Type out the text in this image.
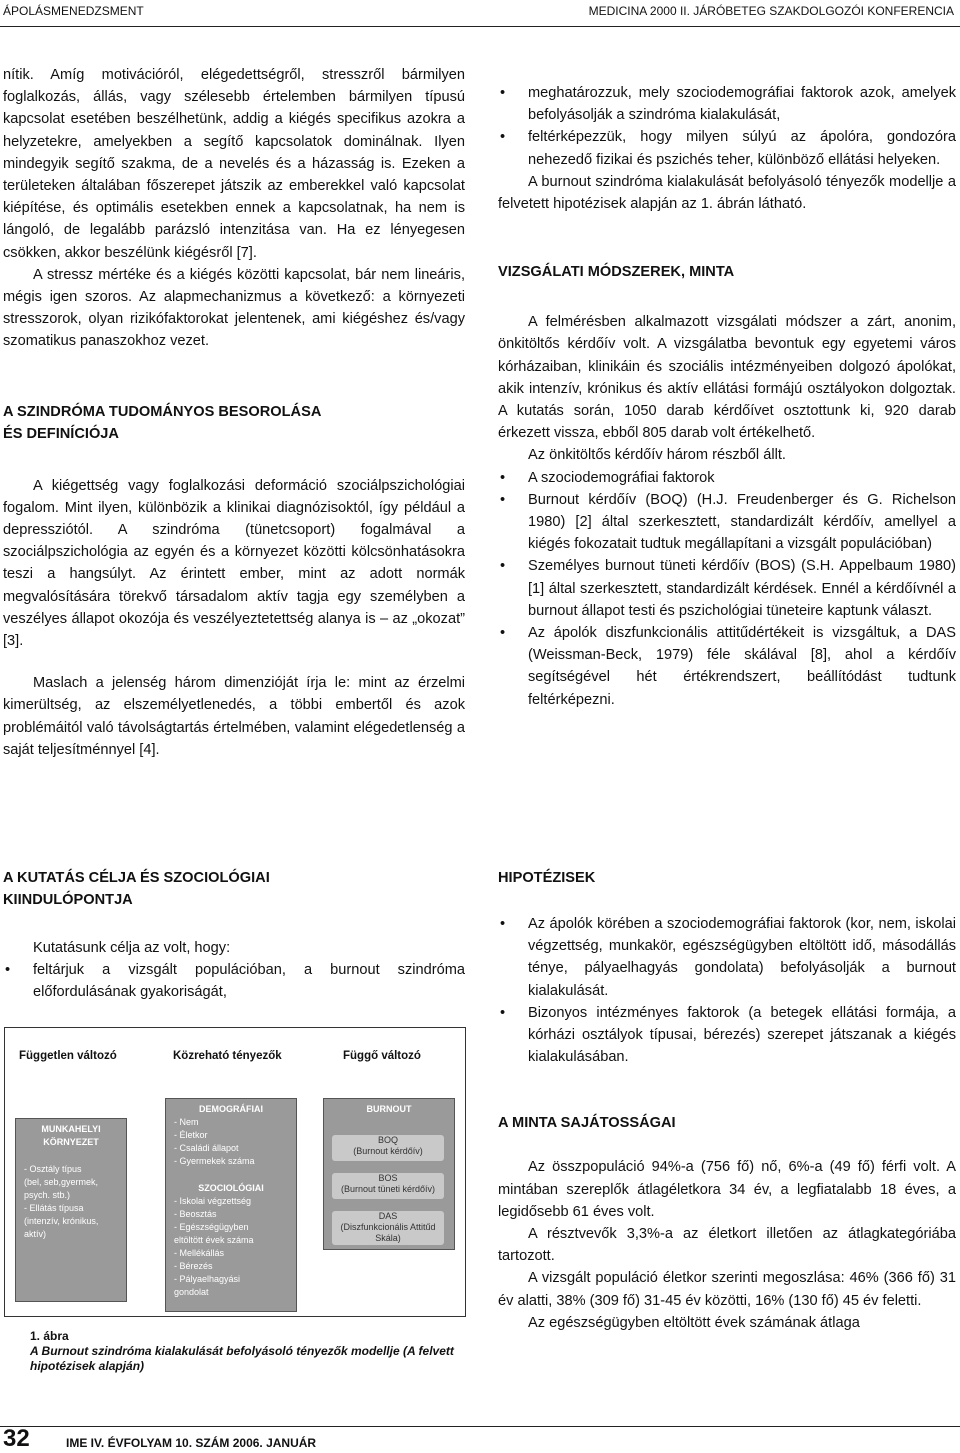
ÁPOLÁSMENEDZSMENT	MEDICINA 2000 II. JÁRÓBETEG SZAKDOLGOZÓI KONFERENCIA

nítik. Amíg motivációról, elégedettségről, stresszről bármilyen foglalkozás, állás, vagy szélesebb értelemben bármilyen típusú kapcsolat esetében beszélhetünk, addig a kiégés specifikus azokra a helyzetekre, amelyekben a segítő kapcsolatok dominálnak. Ilyen mindegyik segítő szakma, de a nevelés és a házasság is. Ezeken a területeken általában főszerepet játszik az emberekkel való kapcsolat kiépítése, és optimális esetekben ennek a kapcsolatnak, ha nem is lángoló, de legalább parázsló intenzitása van. Ha ez lényegesen csökken, akkor beszélünk kiégésről [7].

A stressz mértéke és a kiégés közötti kapcsolat, bár nem lineáris, mégis igen szoros. Az alapmechanizmus a következő: a környezeti stresszorok, olyan rizikófaktorokat jelentenek, ami kiégéshez és/vagy szomatikus panaszokhoz vezet.

A SZINDRÓMA TUDOMÁNYOS BESOROLÁSA
ÉS DEFINÍCIÓJA

A kiégettség vagy foglalkozási deformáció szociálpszichológiai fogalom. Mint ilyen, különbözik a klinikai diagnózisoktól, így például a depressziótól. A szindróma (tünetcsoport) fogalmával a szociálpszichológia az egyén és a környezet közötti kölcsönhatásokra teszi a hangsúlyt. Az érintett ember, mint az adott normák megvalósítására törekvő társadalom aktív tagja egy személyben a veszélyes állapot okozója és veszélyeztetettség alanya is – az „okozat” [3].

Maslach a jelenség három dimenzióját írja le: mint az érzelmi kimerültség, az elszemélyetlenedés, a többi embertől és azok problémáitól való távolságtartás értelmében, valamint elégedetlenség a saját teljesítménnyel [4].

• meghatározzuk, mely szociodemográfiai faktorok azok, amelyek befolyásolják a szindróma kialakulását,
• feltérképezzük, hogy milyen súlyú az ápolóra, gondozóra nehezedő fizikai és pszichés teher, különböző ellátási helyeken.

A burnout szindróma kialakulását befolyásoló tényezők modellje a felvetett hipotézisek alapján az 1. ábrán látható.

VIZSGÁLATI MÓDSZEREK, MINTA

A felmérésben alkalmazott vizsgálati módszer a zárt, anonim, önkitöltős kérdőív volt. A vizsgálatba bevontuk egy egyetemi város kórházaiban, klinikáin és szociális intézményeiben dolgozó ápolókat, akik intenzív, krónikus és aktív ellátási formájú osztályokon dolgoztak. A kutatás során, 1050 darab kérdőívet osztottunk ki, 920 darab érkezett vissza, ebből 805 darab volt értékelhető.

Az önkitöltős kérdőív három részből állt.

• A szociodemográfiai faktorok
• Burnout kérdőív (BOQ) (H.J. Freudenberger és G. Richelson 1980) [2] által szerkesztett, standardizált kérdőív, amellyel a kiégés fokozatait tudtuk megállapítani a vizsgált populációban)
• Személyes burnout tüneti kérdőív (BOS) (S.H. Appelbaum 1980) [1] által szerkesztett, standardizált kérdések. Ennél a kérdőívnél a burnout állapot testi és pszichológiai tüneteire kaptunk választ.
• Az ápolók diszfunkcionális attitűdértékeit is vizsgáltuk, a DAS (Weissman-Beck, 1979) féle skálával [8], ahol a kérdőív segítségével hét értékrendszert, beállítódást tudtunk feltérképezni.
A KUTATÁS CÉLJA ÉS SZOCIOLÓGIAI
KIINDULÓPONTJA

Kutatásunk célja az volt, hogy:

• feltárjuk a vizsgált populációban, a burnout szindróma előfordulásának gyakoriságát,
Független változó	Közreható tényezők	Függő változó
MUNKAHELYI KÖRNYEZET
- Osztály típus
(bel, seb,gyermek,
psych. stb.)
- Ellátás típusa
(intenzív, krónikus,
aktív)
DEMOGRÁFIAI
- Nem
- Életkor
- Családi állapot
- Gyermekek száma
SZOCIOLÓGIAI
- Iskolai végzettség
- Beosztás
- Egészségügyben
eltöltött évek száma
- Mellékállás
- Bérezés
- Pályaelhagyási
gondolat
BURNOUT
BOQ
(Burnout kérdőív)
BOS
(Burnout tüneti kérdőív)
DAS
(Diszfunkcionális Attitűd Skála)
1. ábra
A Burnout szindróma kialakulását befolyásoló tényezők modellje (A felvett hipotézisek alapján)
HIPOTÉZISEK
• Az ápolók körében a szociodemográfiai faktorok (kor, nem, iskolai végzettség, munkakör, egészségügyben eltöltött idő, másodállás ténye, pályaelhagyás gondolata) befolyásolják a burnout kialakulását.
• Bizonyos intézményes faktorok (a betegek ellátási formája, a kórházi osztályok típusai, bérezés) szerepet játszanak a kiégés kialakulásában.
A MINTA SAJÁTOSSÁGAI

Az összpopuláció 94%-a (756 fő) nő, 6%-a (49 fő) férfi volt. A mintában szereplők átlagéletkora 34 év, a legfiatalabb 18 éves, a legidősebb 61 éves volt.

A résztvevők 3,3%-a az életkort illetően az átlagkategóriába tartozott.

A vizsgált populáció életkor szerinti megoszlása: 46% (366 fő) 31 év alatti, 38% (309 fő) 31-45 év közötti, 16% (130 fő) 45 év feletti.

Az egészségügyben eltöltött évek számának átlaga

32	IME IV. ÉVFOLYAM 10. SZÁM 2006. JANUÁR
